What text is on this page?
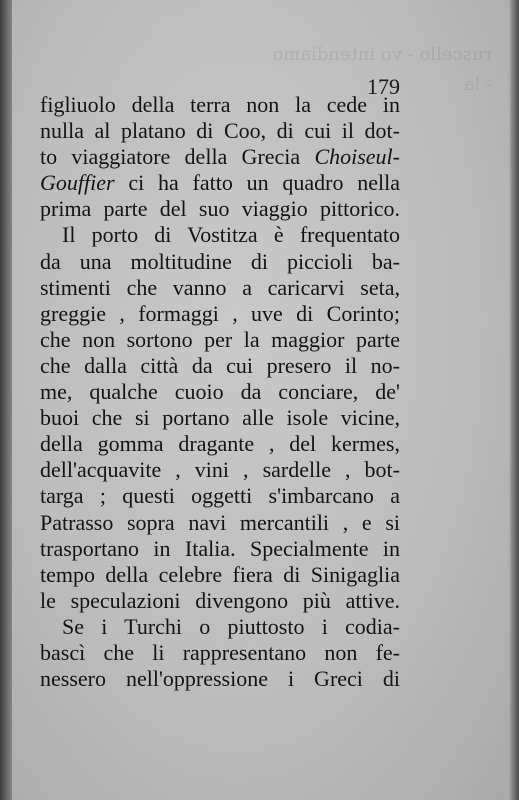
ruscello - vo intendiamo - la
179
figliuolo della terra non la cede in
nulla al platano di Coo, di cui il dot-
to viaggiatore della Grecia Choiseul-
Gouffier ci ha fatto un quadro nella
prima parte del suo viaggio pittorico.
Il porto di Vostitza è frequentato
da una moltitudine di piccioli ba-
stimenti che vanno a caricarvi seta,
greggie , formaggi , uve di Corinto;
che non sortono per la maggior parte
che dalla città da cui presero il no-
me, qualche cuoio da conciare, de'
buoi che si portano alle isole vicine,
della gomma dragante , del kermes,
dell'acquavite , vini , sardelle , bot-
targa ; questi oggetti s'imbarcano a
Patrasso sopra navi mercantili , e si
trasportano in Italia. Specialmente in
tempo della celebre fiera di Sinigaglia
le speculazioni divengono più attive.
Se i Turchi o piuttosto i codia-
bascì che li rappresentano non fe-
nessero nell'oppressione i Greci di
